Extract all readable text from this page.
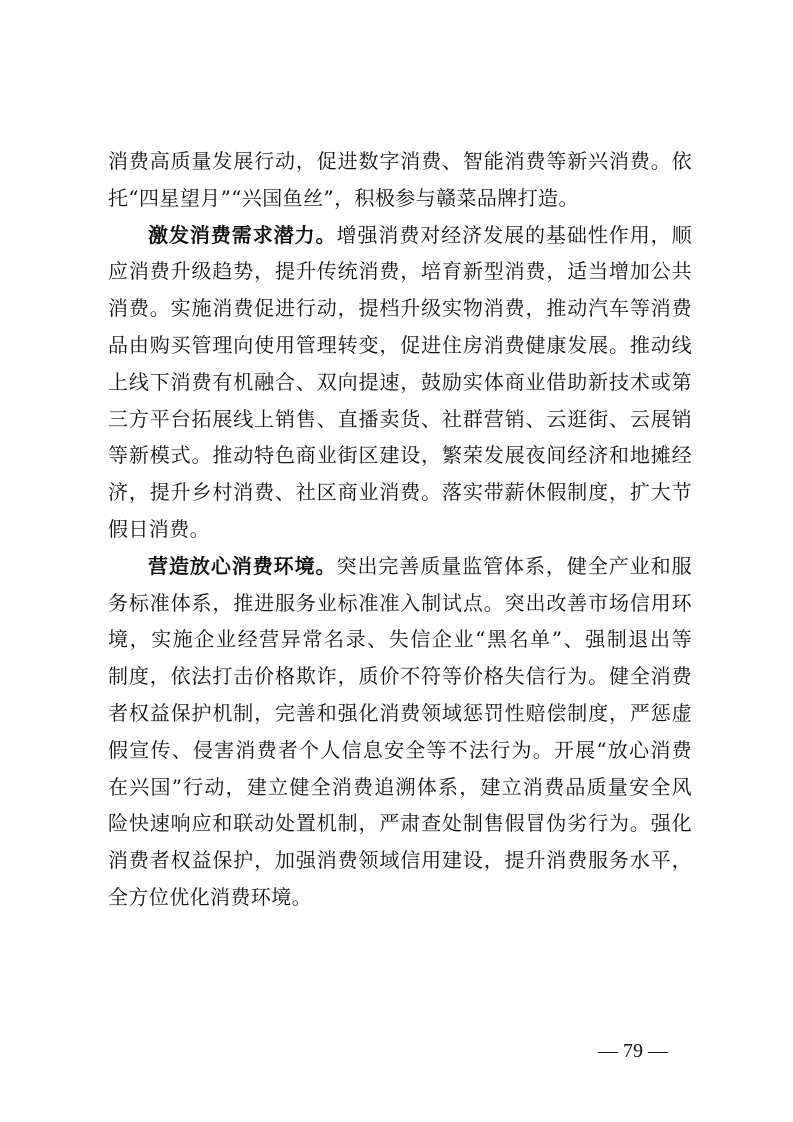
消费高质量发展行动，促进数字消费、智能消费等新兴消费。依
托“四星望月”“兴国鱼丝”，积极参与赣菜品牌打造。
激发消费需求潜力。增强消费对经济发展的基础性作用，顺
应消费升级趋势，提升传统消费，培育新型消费，适当增加公共
消费。实施消费促进行动，提档升级实物消费，推动汽车等消费
品由购买管理向使用管理转变，促进住房消费健康发展。推动线
上线下消费有机融合、双向提速，鼓励实体商业借助新技术或第
三方平台拓展线上销售、直播卖货、社群营销、云逛街、云展销
等新模式。推动特色商业街区建设，繁荣发展夜间经济和地摊经
济，提升乡村消费、社区商业消费。落实带薪休假制度，扩大节
假日消费。
营造放心消费环境。突出完善质量监管体系，健全产业和服
务标准体系，推进服务业标准准入制试点。突出改善市场信用环
境，实施企业经营异常名录、失信企业“黑名单”、强制退出等
制度，依法打击价格欺诈，质价不符等价格失信行为。健全消费
者权益保护机制，完善和强化消费领域惩罚性赔偿制度，严惩虚
假宣传、侵害消费者个人信息安全等不法行为。开展“放心消费
在兴国”行动，建立健全消费追溯体系，建立消费品质量安全风
险快速响应和联动处置机制，严肃查处制售假冒伪劣行为。强化
消费者权益保护，加强消费领域信用建设，提升消费服务水平，
全方位优化消费环境。
— 79 —
